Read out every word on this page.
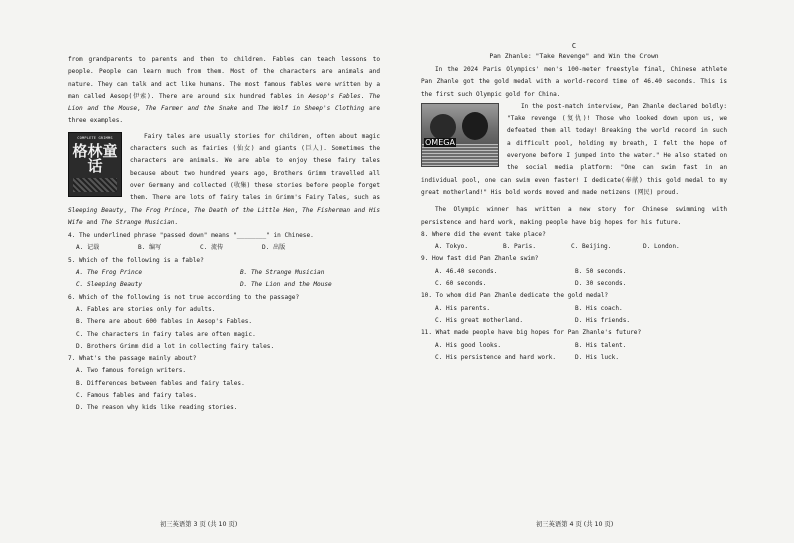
from grandparents to parents and then to children. Fables can teach lessons to people. People can learn much from them. Most of the characters are animals and nature. They can talk and act like humans. The most famous fables were written by a man called Aesop(伊索). There are around six hundred fables in Aesop's Fables. The Lion and the Mouse, The Farmer and the Snake and The Wolf in Sheep's Clothing are three examples.

COMPLETE GRIMMS
格林童话

Fairy tales are usually stories for children, often about magic characters such as fairies (仙女) and giants (巨人). Sometimes the characters are animals. We are able to enjoy these fairy tales because about two hundred years ago, Brothers Grimm travelled all over Germany and collected (收集) these stories before people forget them. There are lots of fairy tales in Grimm's Fairy Tales, such as Sleeping Beauty, The Frog Prince, The Death of the Little Hen, The Fisherman and His Wife and The Strange Musician.

4. The underlined phrase "passed down" means "________" in Chinese.

A. 记载	B. 编写	C. 流传	D. 出版

5. Which of the following is a fable?

A. The Frog Prince	B. The Strange Musician
C. Sleeping Beauty	D. The Lion and the Mouse

6. Which of the following is not true according to the passage?

A. Fables are stories only for adults.

B. There are about 600 fables in Aesop's Fables.

C. The characters in fairy tales are often magic.

D. Brothers Grimm did a lot in collecting fairy tales.

7. What's the passage mainly about?

A. Two famous foreign writers.

B. Differences between fables and fairy tales.

C. Famous fables and fairy tales.

D. The reason why kids like reading stories.

初三英语第 3 页 (共 10 页)
C
Pan Zhanle: "Take Revenge" and Win the Crown

In the 2024 Paris Olympics' men's 100-meter freestyle final, Chinese athlete Pan Zhanle got the gold medal with a world-record time of 46.40 seconds. This is the first such Olympic gold for China.

OMEGA

In the post-match interview, Pan Zhanle declared boldly: "Take revenge (复仇)! Those who looked down upon us, we defeated them all today! Breaking the world record in such a difficult pool, holding my breath, I felt the hope of everyone before I jumped into the water." He also stated on the social media platform: "One can swim fast in an individual pool, one can swim even faster! I dedicate(奉献) this gold medal to my great motherland!" His bold words moved and made netizens (网民) proud.

The Olympic winner has written a new story for Chinese swimming with persistence and hard work, making people have big hopes for his future.

8. Where did the event take place?

A. Tokyo.	B. Paris.	C. Beijing.	D. London.

9. How fast did Pan Zhanle swim?

A. 46.40 seconds.	B. 50 seconds.
C. 60 seconds.	D. 30 seconds.

10. To whom did Pan Zhanle dedicate the gold medal?

A. His parents.	B. His coach.
C. His great motherland.	D. His friends.

11. What made people have big hopes for Pan Zhanle's future?

A. His good looks.	B. His talent.
C. His persistence and hard work.	D. His luck.
初三英语第 4 页 (共 10 页)
